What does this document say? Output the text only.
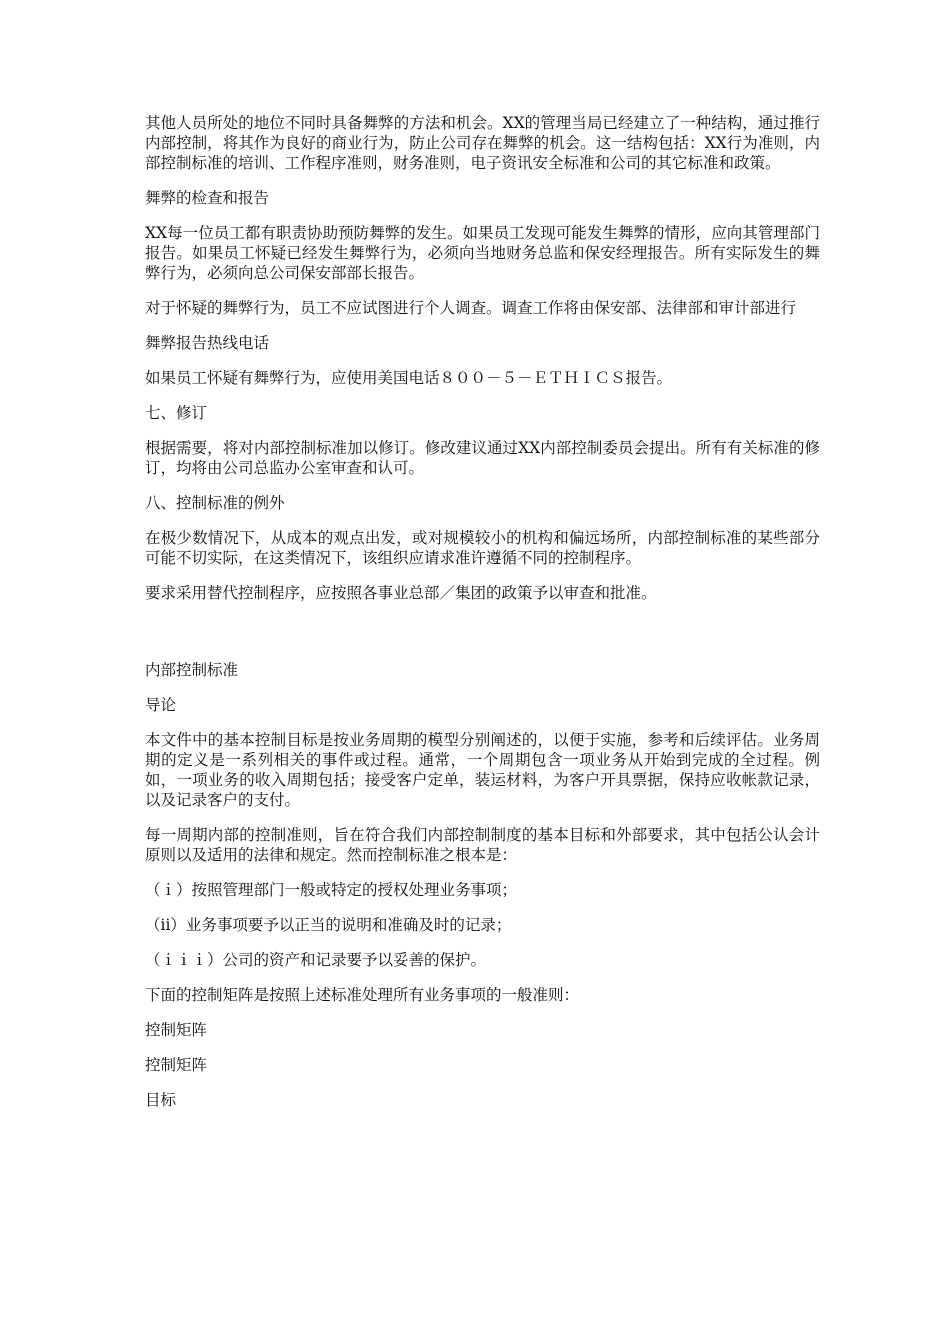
其他人员所处的地位不同时具备舞弊的方法和机会。XX的管理当局已经建立了一种结构，通过推行内部控制，将其作为良好的商业行为，防止公司存在舞弊的机会。这一结构包括：XX行为准则，内部控制标准的培训、工作程序准则，财务准则，电子资讯安全标准和公司的其它标准和政策。

舞弊的检查和报告

XX每一位员工都有职责协助预防舞弊的发生。如果员工发现可能发生舞弊的情形，应向其管理部门报告。如果员工怀疑已经发生舞弊行为，必须向当地财务总监和保安经理报告。所有实际发生的舞弊行为，必须向总公司保安部部长报告。

对于怀疑的舞弊行为，员工不应试图进行个人调查。调查工作将由保安部、法律部和审计部进行

舞弊报告热线电话

如果员工怀疑有舞弊行为，应使用美国电话８００－５－ＥＴＨＩＣＳ报告。

七、修订

根据需要，将对内部控制标准加以修订。修改建议通过XX内部控制委员会提出。所有有关标准的修订，均将由公司总监办公室审查和认可。

八、控制标准的例外

在极少数情况下，从成本的观点出发，或对规模较小的机构和偏远场所，内部控制标准的某些部分可能不切实际，在这类情况下，该组织应请求准许遵循不同的控制程序。

要求采用替代控制程序，应按照各事业总部／集团的政策予以审查和批准。

内部控制标准

导论

本文件中的基本控制目标是按业务周期的模型分别阐述的，以便于实施，参考和后续评估。业务周期的定义是一系列相关的事件或过程。通常，一个周期包含一项业务从开始到完成的全过程。例如，一项业务的收入周期包括；接受客户定单，装运材料，为客户开具票据，保持应收帐款记录，以及记录客户的支付。

每一周期内部的控制准则，旨在符合我们内部控制制度的基本目标和外部要求，其中包括公认会计原则以及适用的法律和规定。然而控制标准之根本是：

（ｉ）按照管理部门一般或特定的授权处理业务事项；

（ii）业务事项要予以正当的说明和准确及时的记录；

（ｉｉｉ）公司的资产和记录要予以妥善的保护。

下面的控制矩阵是按照上述标准处理所有业务事项的一般准则：

控制矩阵

控制矩阵

目标
